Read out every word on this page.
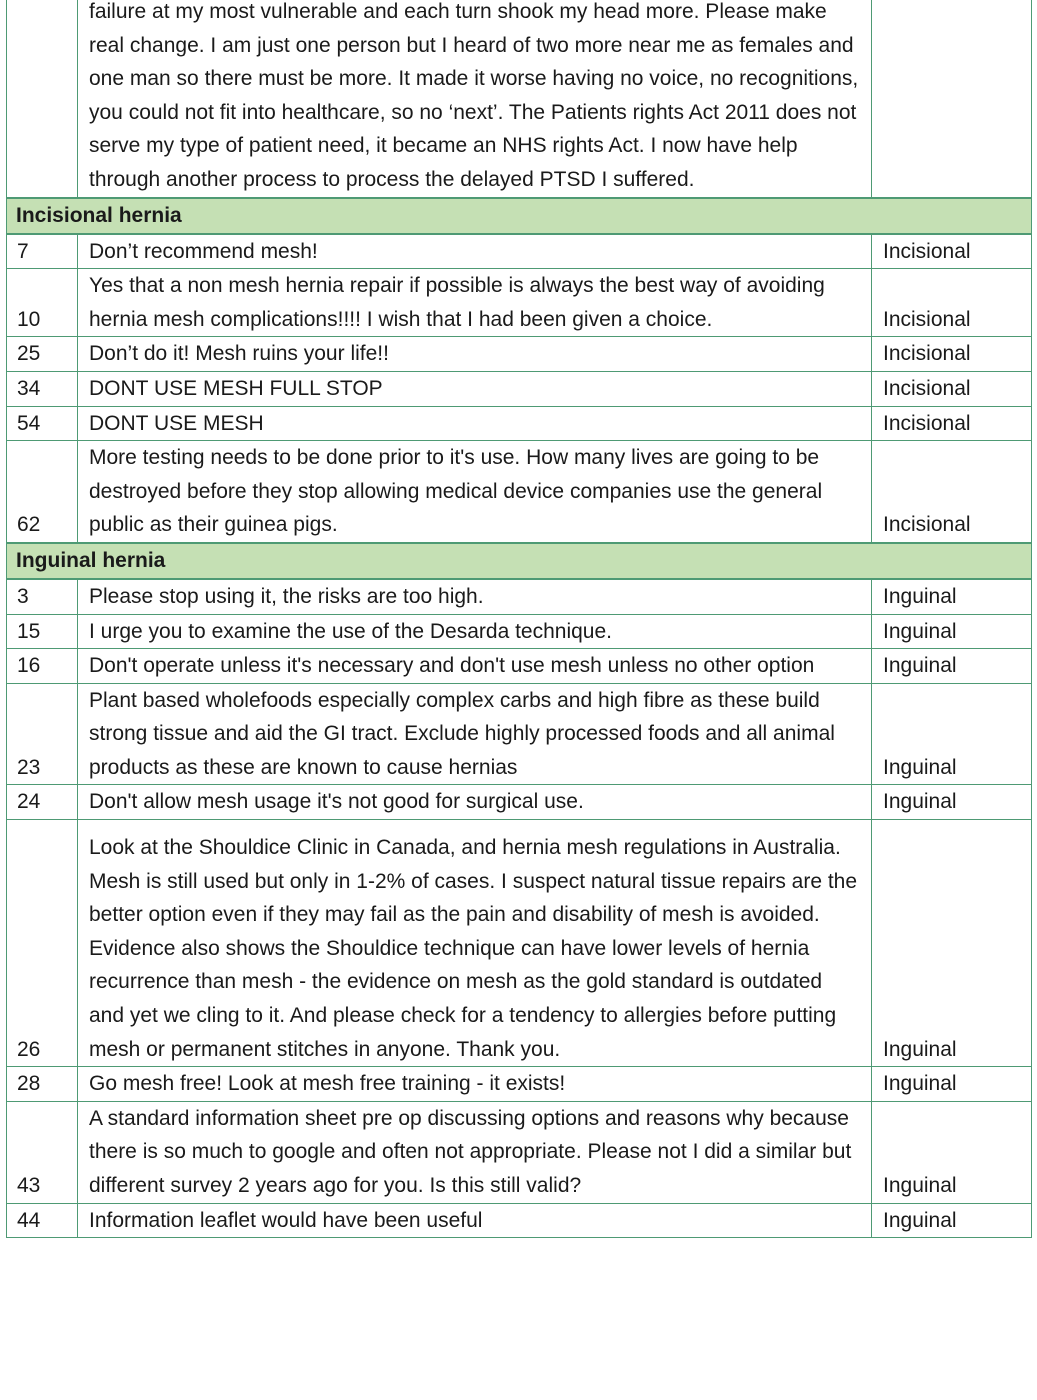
	failure at my most vulnerable and each turn shook my head more. Please make real change. I am just one person but I heard of two more near me as females and one man so there must be more. It made it worse having no voice, no recognitions, you could not fit into healthcare, so no ‘next’. The Patients rights Act 2011 does not serve my type of patient need, it became an NHS rights Act. I now have help through another process to process the delayed PTSD I suffered.	
Incisional hernia		
7	Don’t recommend mesh!	Incisional
10	Yes that a non mesh hernia repair if possible is always the best way of avoiding hernia mesh complications!!!! I wish that I had been given a choice.	Incisional
25	Don’t do it! Mesh ruins your life!!	Incisional
34	DONT USE MESH FULL STOP	Incisional
54	DONT USE MESH	Incisional
62	More testing needs to be done prior to it's use. How many lives are going to be destroyed before they stop allowing medical device companies use the general public as their guinea pigs.	Incisional
Inguinal hernia		
3	Please stop using it, the risks are too high.	Inguinal
15	I urge you to examine the use of the Desarda technique.	Inguinal
16	Don't operate unless it's necessary and don't use mesh unless no other option	Inguinal
23	Plant based wholefoods especially complex carbs and high fibre as these build strong tissue and aid the GI tract. Exclude highly processed foods and all animal products as these are known to cause hernias	Inguinal
24	Don't allow mesh usage it's not good for surgical use.	Inguinal
26	Look at the Shouldice Clinic in Canada, and hernia mesh regulations in Australia. Mesh is still used but only in 1-2% of cases. I suspect natural tissue repairs are the better option even if they may fail as the pain and disability of mesh is avoided. Evidence also shows the Shouldice technique can have lower levels of hernia recurrence than mesh - the evidence on mesh as the gold standard is outdated and yet we cling to it. And please check for a tendency to allergies before putting mesh or permanent stitches in anyone. Thank you.	Inguinal
28	Go mesh free! Look at mesh free training - it exists!	Inguinal
43	A standard information sheet pre op discussing options and reasons why because there is so much to google and often not appropriate. Please not I did a similar but different survey 2 years ago for you. Is this still valid?	Inguinal
44	Information leaflet would have been useful	Inguinal
